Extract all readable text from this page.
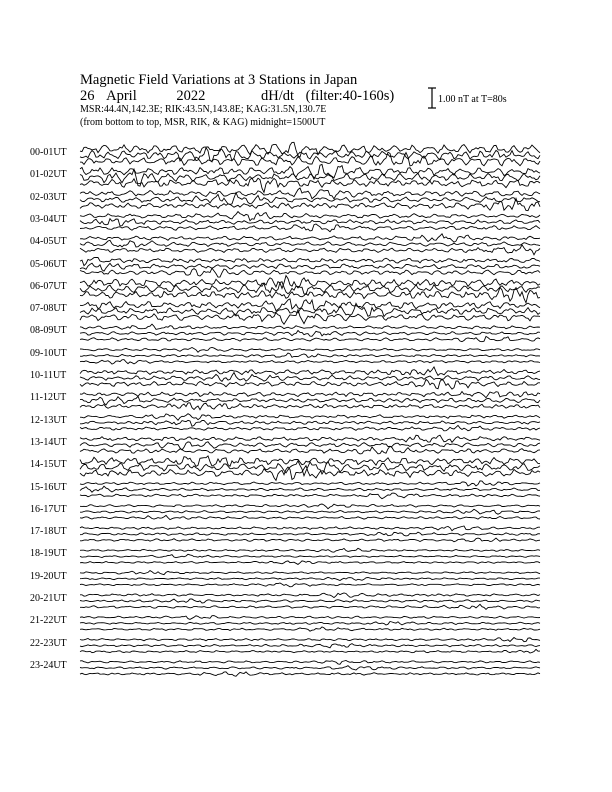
Magnetic Field Variations at 3 Stations in Japan
26 April	2022	dH/dt (filter:40-160s)
MSR:44.4N,142.3E; RIK:43.5N,143.8E; KAG:31.5N,130.7E
(from bottom to top, MSR, RIK, & KAG) midnight=1500UT
1.00 nT at T=80s
00-01UT
01-02UT
02-03UT
03-04UT
04-05UT
05-06UT
06-07UT
07-08UT
08-09UT
09-10UT
10-11UT
11-12UT
12-13UT
13-14UT
14-15UT
15-16UT
16-17UT
17-18UT
18-19UT
19-20UT
20-21UT
21-22UT
22-23UT
23-24UT
